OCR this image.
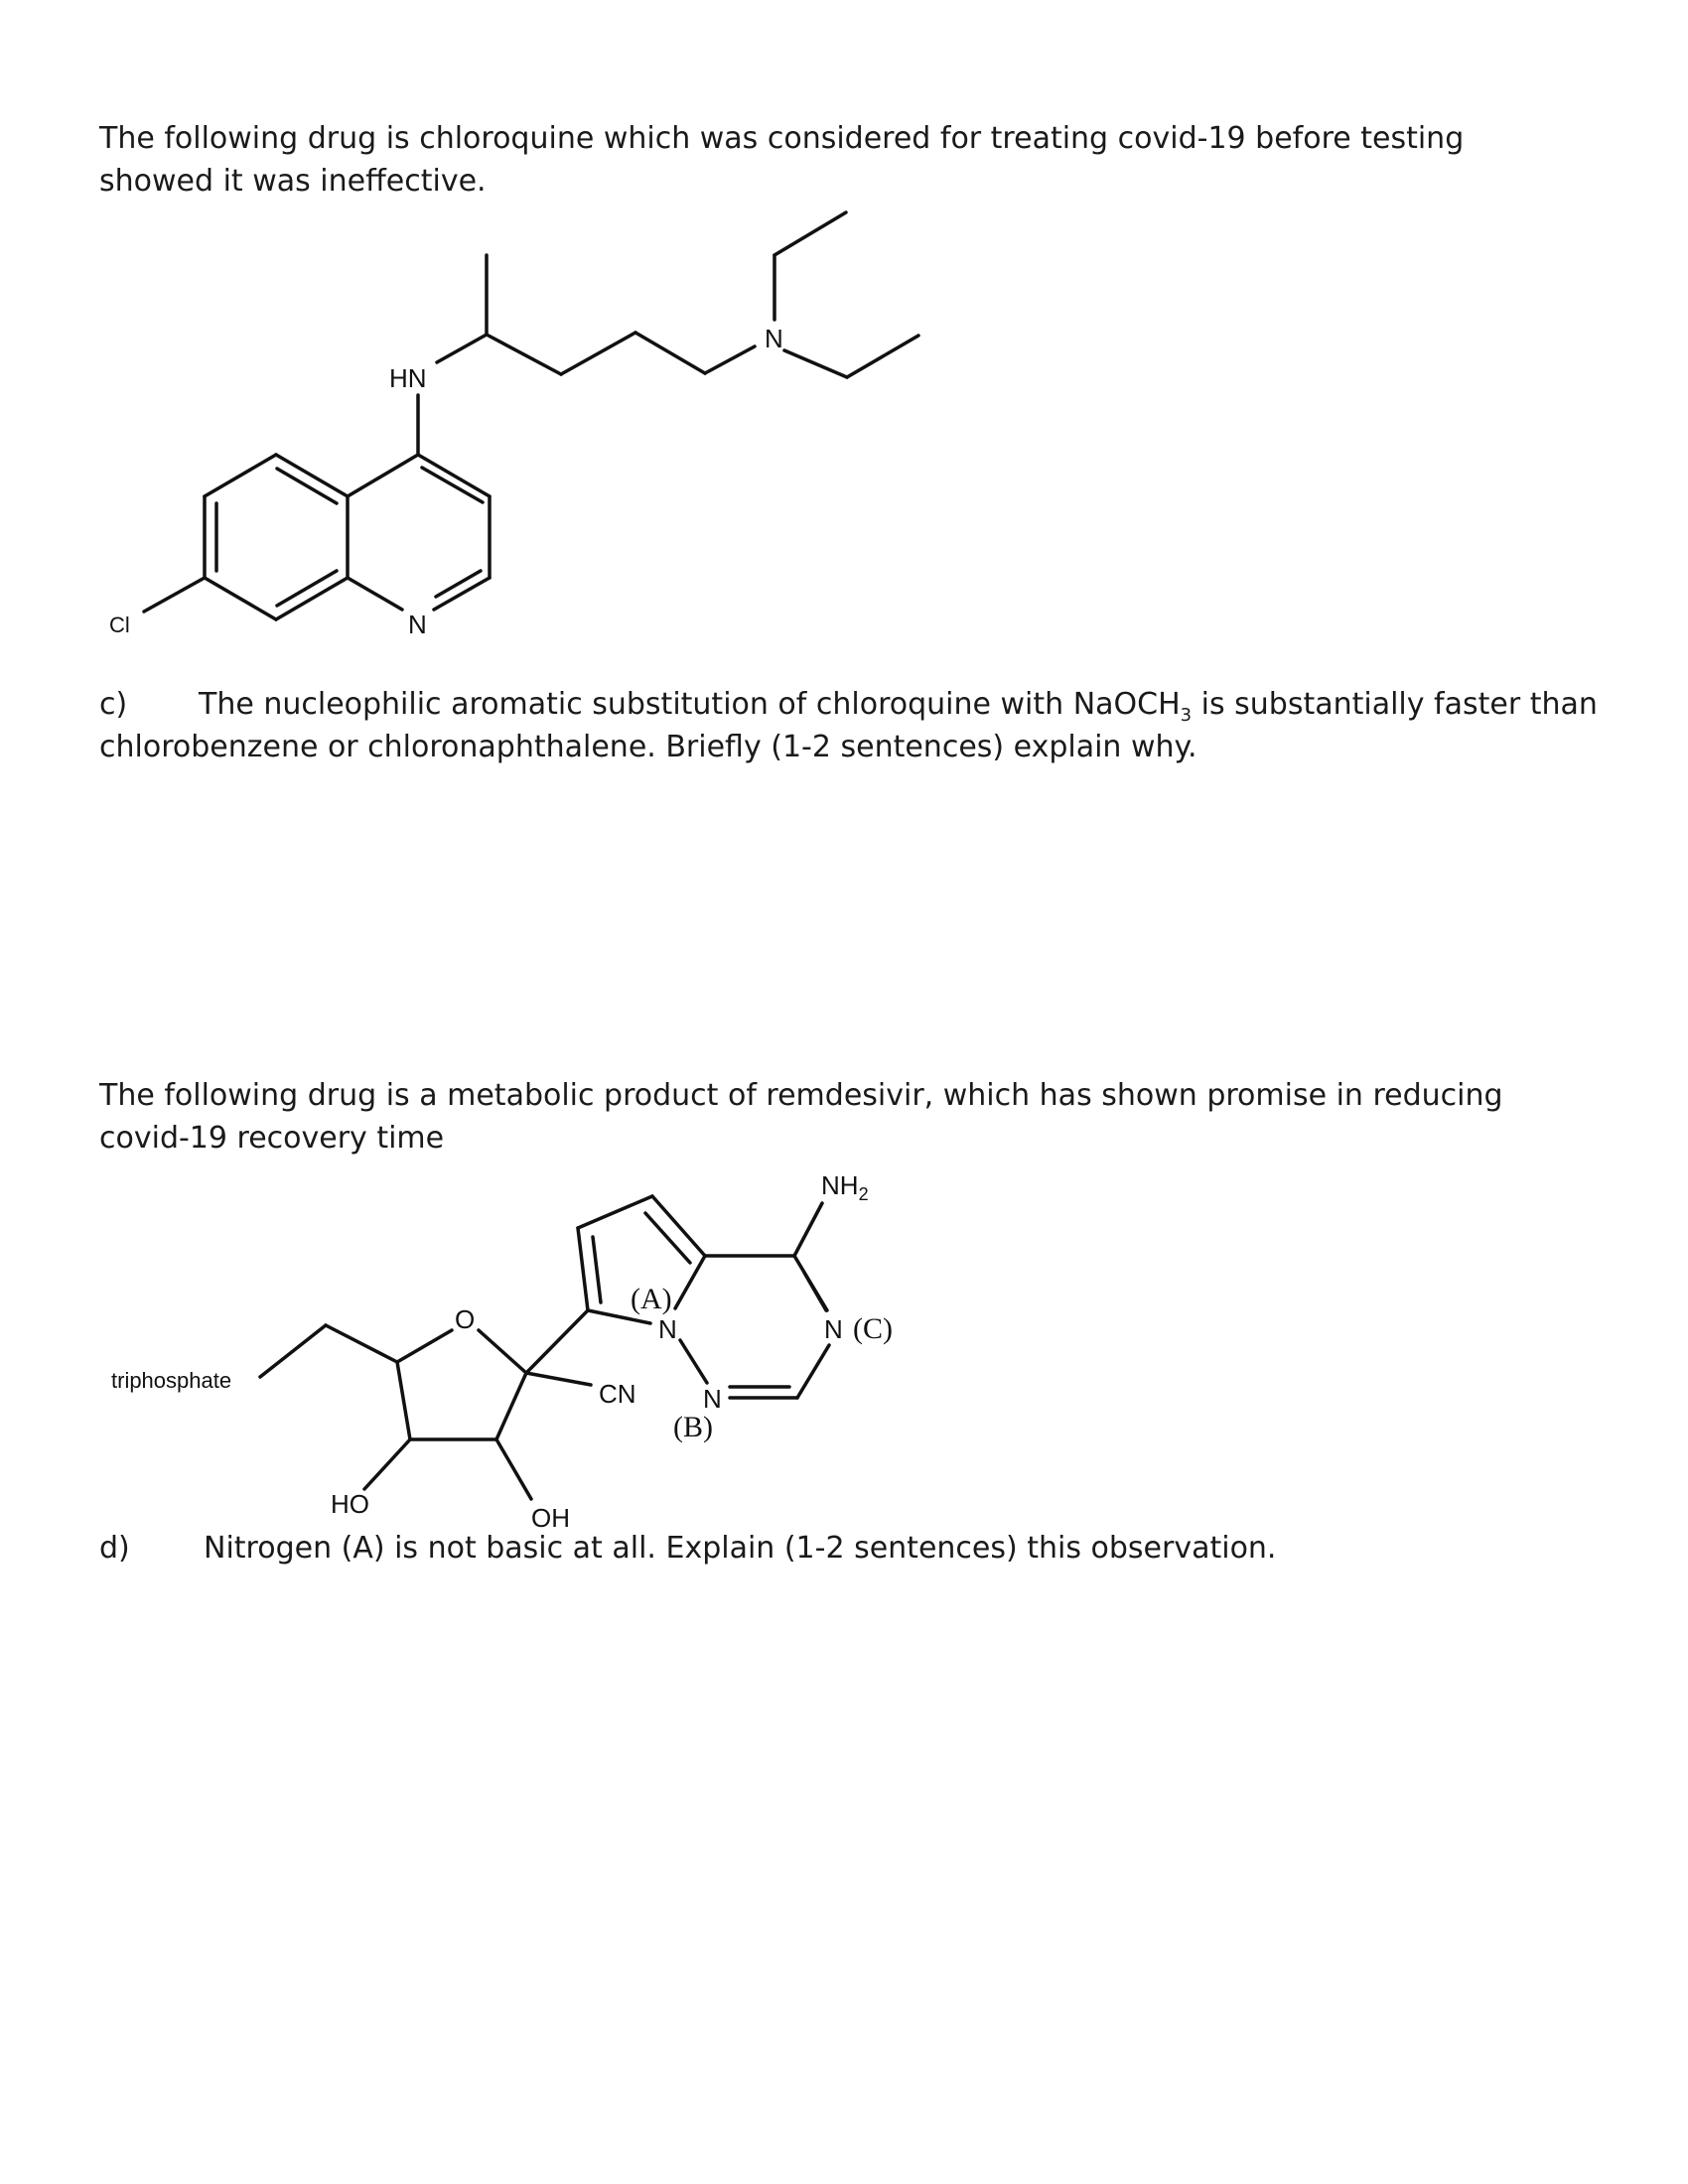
The following drug is chloroquine which was considered for treating covid-19 before testing
showed it was ineffective.
HN
N
N
Cl
c) The nucleophilic aromatic substitution of chloroquine with NaOCH$_3$ is substantially faster than
chlorobenzene or chloronaphthalene. Briefly (1-2 sentences) explain why.
The following drug is a metabolic product of remdesivir, which has shown promise in reducing
covid-19 recovery time
O
CN
triphosphate
HO	OH
$NH_2$
N
(A)
N (C)
N
(B)
d) Nitrogen (A) is not basic at all. Explain (1-2 sentences) this observation.
